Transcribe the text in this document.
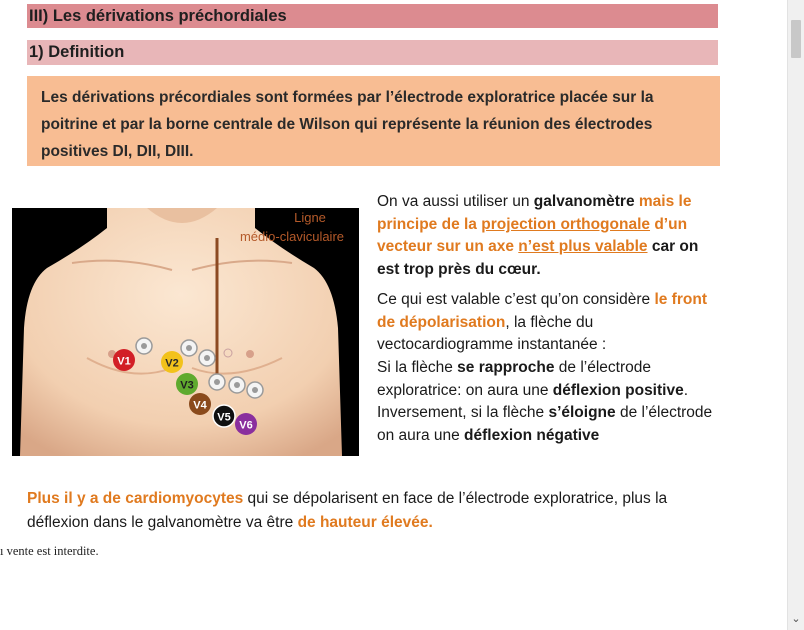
III) Les dérivations préchordiales
1) Definition
Les dérivations précordiales sont formées par l’électrode exploratrice placée sur la poitrine et par la borne centrale de Wilson qui représente la réunion des électrodes positives DI, DII, DIII.
Ligne
médio-claviculaire
V1	V2
V3
V4
V5
V6

On va aussi utiliser un galvanomètre mais le principe de la projection orthogonale d’un vecteur sur un axe n’est plus valable car on est trop près du cœur.

Ce qui est valable c’est qu’on considère le front de dépolarisation, la flèche du vectocardiogramme instantanée :
Si la flèche se rapproche de l’électrode exploratrice: on aura une déflexion positive.
Inversement, si la flèche s’éloigne de l’électrode on aura une déflexion négative

Plus il y a de cardiomyocytes qui se dépolarisent en face de l’électrode exploratrice, plus la déflexion dans le galvanomètre va être de hauteur élevée.
ı vente est interdite.
⌄
